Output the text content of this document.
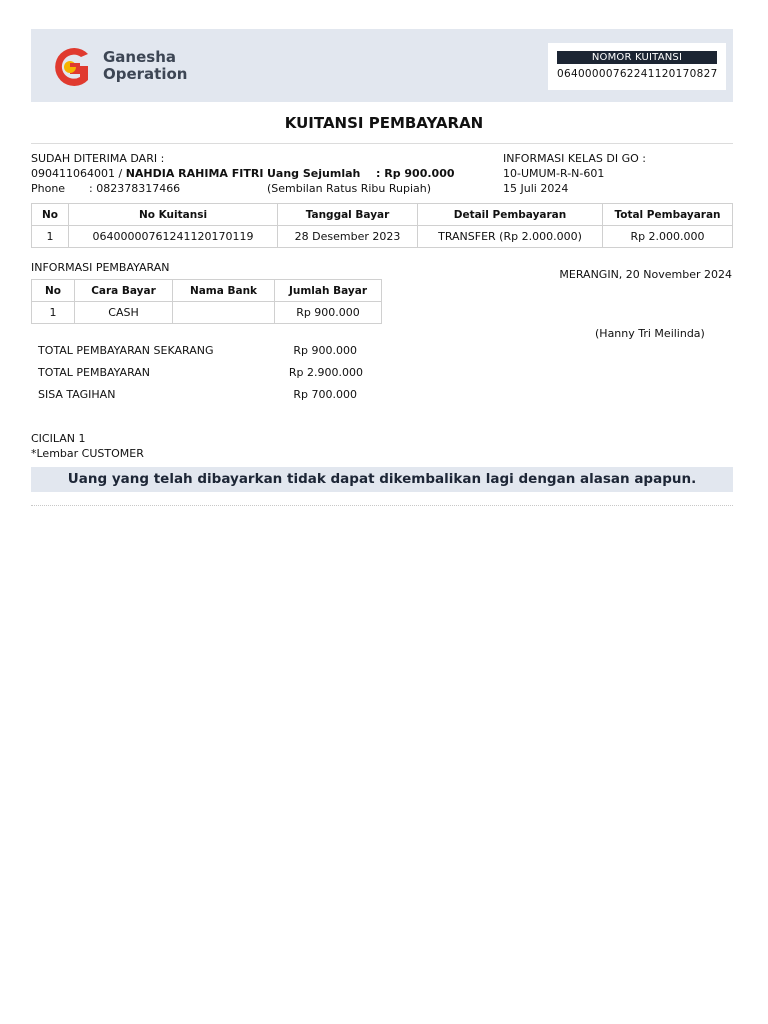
Ganesha
Operation
NOMOR KUITANSI
06400000762241120170827
KUITANSI PEMBAYARAN
SUDAH DITERIMA DARI :
090411064001 / NAHDIA RAHIMA FITRI
Phone : 082378317466
Uang Sejumlah : Rp 900.000
(Sembilan Ratus Ribu Rupiah)
INFORMASI KELAS DI GO :
10-UMUM-R-N-601
15 Juli 2024
No	No Kuitansi	Tanggal Bayar	Detail Pembayaran	Total Pembayaran
1	06400000761241120170119	28 Desember 2023	TRANSFER (Rp 2.000.000)	Rp 2.000.000
INFORMASI PEMBAYARAN
MERANGIN, 20 November 2024
No	Cara Bayar	Nama Bank	Jumlah Bayar
1	CASH		Rp 900.000
(Hanny Tri Meilinda)
TOTAL PEMBAYARAN SEKARANG	Rp 900.000
TOTAL PEMBAYARAN	Rp 2.900.000
SISA TAGIHAN	Rp 700.000
CICILAN 1
*Lembar CUSTOMER
Uang yang telah dibayarkan tidak dapat dikembalikan lagi dengan alasan apapun.
